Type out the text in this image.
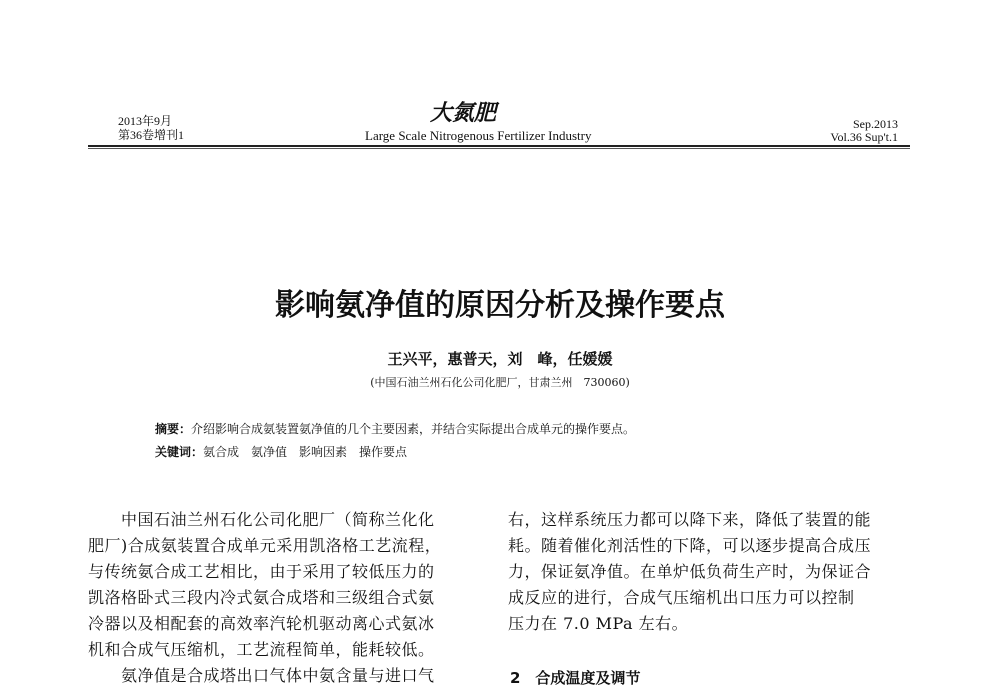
2013年9月
第36卷增刊1
大氮肥
Large Scale Nitrogenous Fertilizer Industry
Sep.2013
Vol.36 Sup't.1
影响氨净值的原因分析及操作要点
王兴平，惠普天，刘　峰，任媛媛
(中国石油兰州石化公司化肥厂，甘肃兰州　730060)
摘要：介绍影响合成氨装置氨净值的几个主要因素，并结合实际提出合成单元的操作要点。
关键词：氨合成　氨净值　影响因素　操作要点
　　中国石油兰州石化公司化肥厂（简称兰化化
肥厂)合成氨装置合成单元采用凯洛格工艺流程，
与传统氨合成工艺相比，由于采用了较低压力的
凯洛格卧式三段内冷式氨合成塔和三级组合式氨
冷器以及相配套的高效率汽轮机驱动离心式氨冰
机和合成气压缩机，工艺流程简单，能耗较低。
　　氨净值是合成塔出口气体中氨含量与进口气
右，这样系统压力都可以降下来，降低了装置的能
耗。随着催化剂活性的下降，可以逐步提高合成压
力，保证氨净值。在单炉低负荷生产时，为保证合
成反应的进行，合成气压缩机出口压力可以控制
压力在 7.0 MPa 左右。
2　合成温度及调节
